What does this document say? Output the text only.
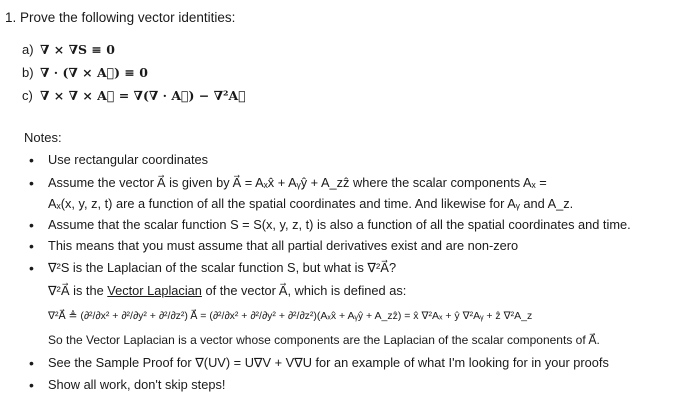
1. Prove the following vector identities:
a) ∇ × ∇S ≡ 0
b) ∇ · (∇ × A⃗) ≡ 0
c) ∇ × ∇ × A⃗ = ∇(∇ · A⃗) − ∇²A⃗
Notes:
•
•
•
•
•
•
•
Use rectangular coordinates
Assume the vector A⃗ is given by A⃗ = Aₓx̂ + Aᵧŷ + A_zẑ where the scalar components Aₓ =
Aₓ(x, y, z, t) are a function of all the spatial coordinates and time. And likewise for Aᵧ and A_z.
Assume that the scalar function S = S(x, y, z, t) is also a function of all the spatial coordinates and time.
This means that you must assume that all partial derivatives exist and are non-zero
∇²S is the Laplacian of the scalar function S, but what is ∇²A⃗?
∇²A⃗ is the Vector Laplacian of the vector A⃗, which is defined as:
∇²A⃗ ≜ (∂²/∂x² + ∂²/∂y² + ∂²/∂z²) A⃗ = (∂²/∂x² + ∂²/∂y² + ∂²/∂z²)(Aₓx̂ + Aᵧŷ + A_zẑ) = x̂ ∇²Aₓ + ŷ ∇²Aᵧ + ẑ ∇²A_z
So the Vector Laplacian is a vector whose components are the Laplacian of the scalar components of A⃗.
See the Sample Proof for ∇(UV) = U∇V + V∇U for an example of what I'm looking for in your proofs
Show all work, don't skip steps!
